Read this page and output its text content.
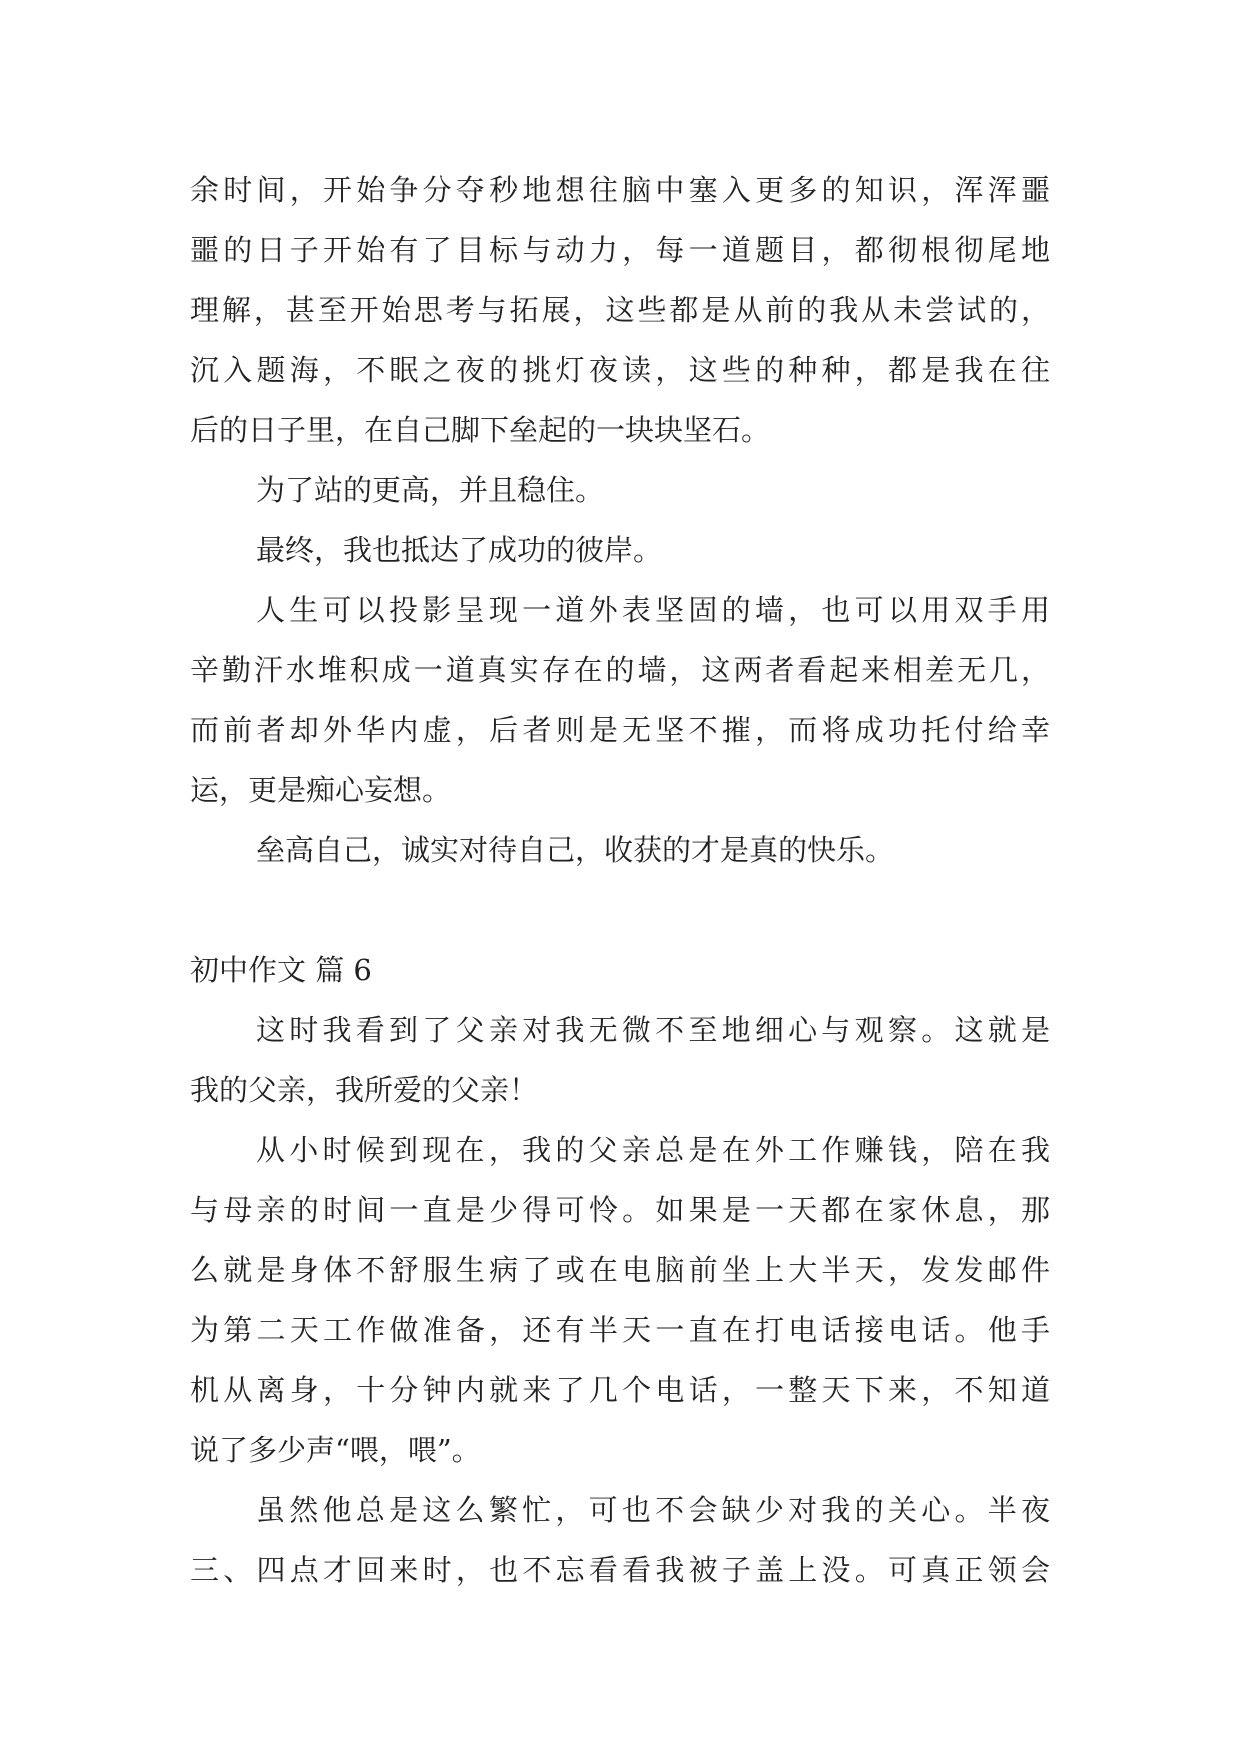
余时间，开始争分夺秒地想往脑中塞入更多的知识，浑浑噩
噩的日子开始有了目标与动力，每一道题目，都彻根彻尾地
理解，甚至开始思考与拓展，这些都是从前的我从未尝试的，
沉入题海，不眠之夜的挑灯夜读，这些的种种，都是我在往
后的日子里，在自己脚下垒起的一块块坚石。
为了站的更高，并且稳住。
最终，我也抵达了成功的彼岸。
人生可以投影呈现一道外表坚固的墙，也可以用双手用
辛勤汗水堆积成一道真实存在的墙，这两者看起来相差无几，
而前者却外华内虚，后者则是无坚不摧，而将成功托付给幸
运，更是痴心妄想。
垒高自己，诚实对待自己，收获的才是真的快乐。
初中作文 篇 6
这时我看到了父亲对我无微不至地细心与观察。这就是
我的父亲，我所爱的父亲！
从小时候到现在，我的父亲总是在外工作赚钱，陪在我
与母亲的时间一直是少得可怜。如果是一天都在家休息，那
么就是身体不舒服生病了或在电脑前坐上大半天，发发邮件
为第二天工作做准备，还有半天一直在打电话接电话。他手
机从离身，十分钟内就来了几个电话，一整天下来，不知道
说了多少声“喂，喂”。
虽然他总是这么繁忙，可也不会缺少对我的关心。半夜
三、四点才回来时，也不忘看看我被子盖上没。可真正领会
